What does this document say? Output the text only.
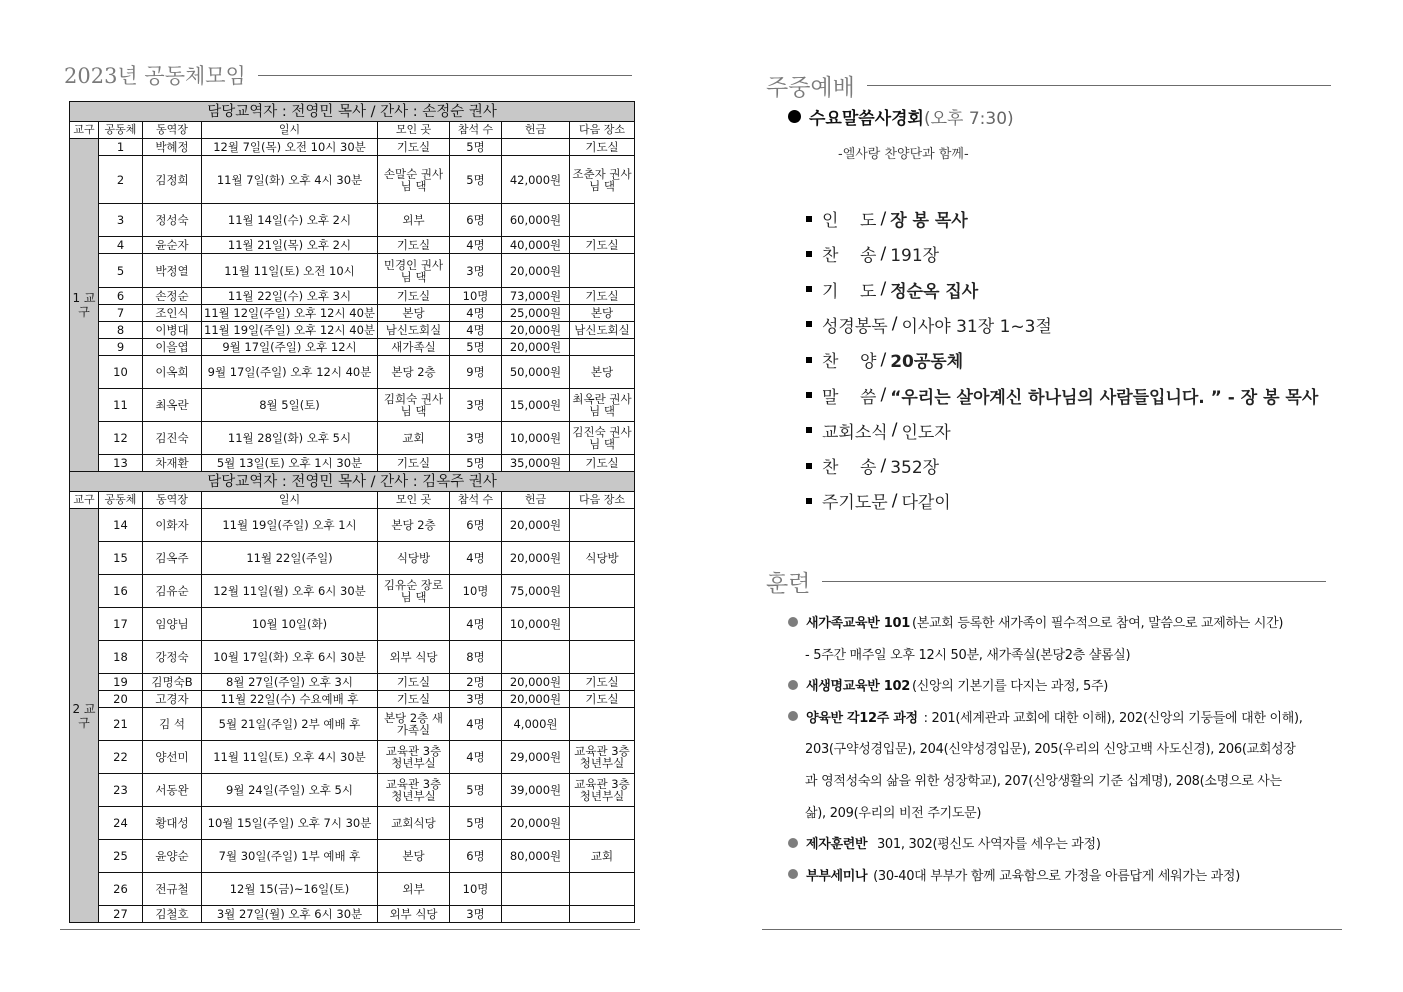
2023년 공동체모임
담당교역자 : 전영민 목사 / 간사 : 손정순 권사							
교구	공동체	동역장	일시	모인 곳	참석 수	헌금	다음 장소
1 교 구	1	박혜정	12월 7일(목) 오전 10시 30분	기도실	5명		기도실
	2	김정희	11월 7일(화) 오후 4시 30분	손말순 권사님 댁	5명	42,000원	조춘자 권사님 댁
	3	정성숙	11월 14일(수) 오후 2시	외부	6명	60,000원	
	4	윤순자	11월 21일(목) 오후 2시	기도실	4명	40,000원	기도실
	5	박정열	11월 11일(토) 오전 10시	민경인 권사님 댁	3명	20,000원	
	6	손정순	11월 22일(수) 오후 3시	기도실	10명	73,000원	기도실
	7	조인식	11월 12일(주일) 오후 12시 40분	본당	4명	25,000원	본당
	8	이병대	11월 19일(주일) 오후 12시 40분	남신도회실	4명	20,000원	남신도회실
	9	이을엽	9월 17일(주일) 오후 12시	새가족실	5명	20,000원	
	10	이옥희	9월 17일(주일) 오후 12시 40분	본당 2층	9명	50,000원	본당
	11	최옥란	8월 5일(토)	김희숙 권사님 댁	3명	15,000원	최옥란 권사님 댁
	12	김진숙	11월 28일(화) 오후 5시	교회	3명	10,000원	김진숙 권사님 댁
	13	차재환	5월 13일(토) 오후 1시 30분	기도실	5명	35,000원	기도실
담당교역자 : 전영민 목사 / 간사 : 김옥주 권사							
교구	공동체	동역장	일시	모인 곳	참석 수	헌금	다음 장소
2 교 구	14	이화자	11월 19일(주일) 오후 1시	본당 2층	6명	20,000원	
	15	김옥주	11월 22일(주일)	식당방	4명	20,000원	식당방
	16	김유순	12월 11일(월) 오후 6시 30분	김유순 장로님 댁	10명	75,000원	
	17	임양님	10월 10일(화)		4명	10,000원	
	18	강정숙	10월 17일(화) 오후 6시 30분	외부 식당	8명		
	19	김명숙B	8월 27일(주일) 오후 3시	기도실	2명	20,000원	기도실
	20	고경자	11월 22일(수) 수요예배 후	기도실	3명	20,000원	기도실
	21	김 석	5월 21일(주일) 2부 예배 후	본당 2층 새가족실	4명	4,000원	
	22	양선미	11월 11일(토) 오후 4시 30분	교육관 3층 청년부실	4명	29,000원	교육관 3층 청년부실
	23	서동완	9월 24일(주일) 오후 5시	교육관 3층 청년부실	5명	39,000원	교육관 3층 청년부실
	24	황대성	10월 15일(주일) 오후 7시 30분	교회식당	5명	20,000원	
	25	윤양순	7월 30일(주일) 1부 예배 후	본당	6명	80,000원	교회
	26	전규철	12월 15(금)~16일(토)	외부	10명		
	27	김철호	3월 27일(월) 오후 6시 30분	외부 식당	3명		
주중예배
수요말씀사경회 (오후 7:30)
-엘사랑 찬양단과 함께-
인    도 / 장 봉 목사
찬    송 / 191장
기    도 / 정순옥 집사
성경봉독 / 이사야 31장 1~3절
찬    양 / 20공동체
말    씀 / “우리는 살아계신 하나님의 사람들입니다. ” - 장 봉 목사
교회소식 / 인도자
찬    송 / 352장
주기도문 / 다같이
훈련
새가족교육반 101 (본교회 등록한 새가족이 필수적으로 참여, 말씀으로 교제하는 시간)
- 5주간 매주일 오후 12시 50분, 새가족실(본당2층 샬롬실)
새생명교육반 102 (신앙의 기본기를 다지는 과정, 5주)
양육반 각12주 과정 : 201(세계관과 교회에 대한 이해), 202(신앙의 기둥들에 대한 이해),
203(구약성경입문), 204(신약성경입문), 205(우리의 신앙고백 사도신경), 206(교회성장
과 영적성숙의 삶을 위한 성장학교), 207(신앙생활의 기준 십계명), 208(소명으로 사는
삶), 209(우리의 비전 주기도문)
제자훈련반 301, 302(평신도 사역자를 세우는 과정)
부부세미나 (30-40대 부부가 함께 교육함으로 가정을 아름답게 세워가는 과정)
